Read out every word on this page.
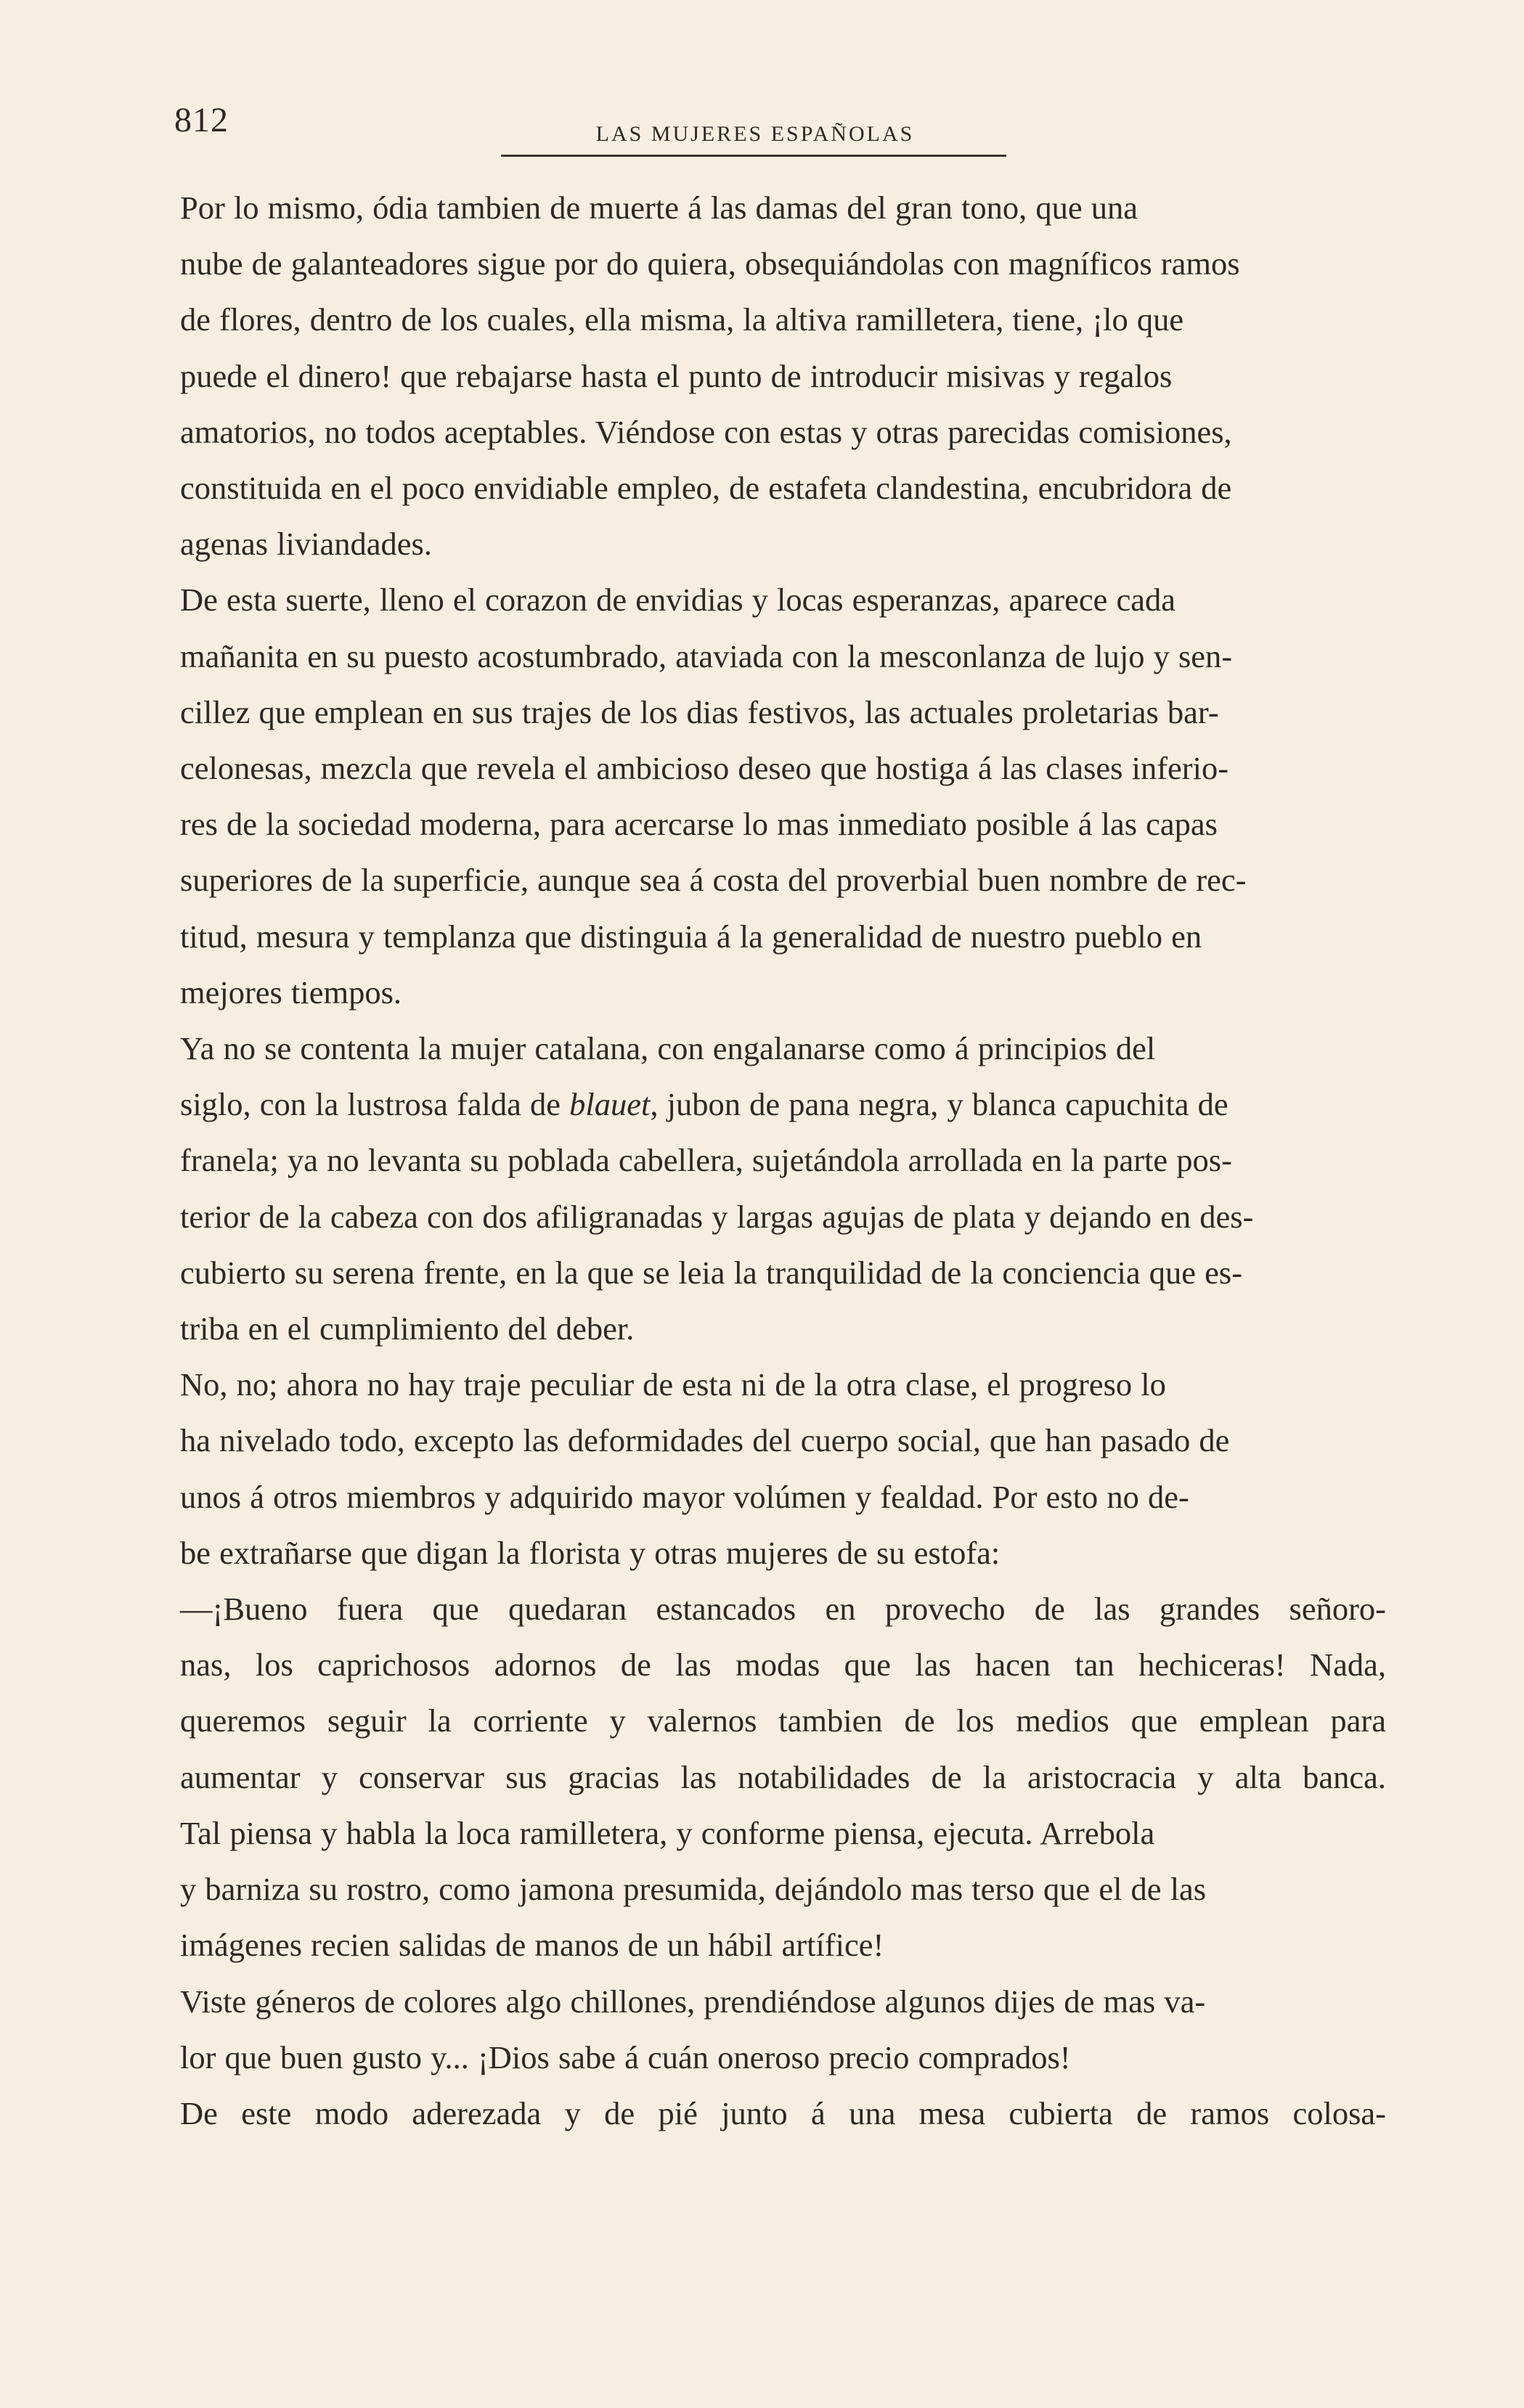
812	LAS MUJERES ESPAÑOLAS

Por lo mismo, ódia tambien de muerte á las damas del gran tono, que una
nube de galanteadores sigue por do quiera, obsequiándolas con magníficos ramos
de flores, dentro de los cuales, ella misma, la altiva ramilletera, tiene, ¡lo que
puede el dinero! que rebajarse hasta el punto de introducir misivas y regalos
amatorios, no todos aceptables. Viéndose con estas y otras parecidas comisiones,
constituida en el poco envidiable empleo, de estafeta clandestina, encubridora de
agenas liviandades.

De esta suerte, lleno el corazon de envidias y locas esperanzas, aparece cada
mañanita en su puesto acostumbrado, ataviada con la mesconlanza de lujo y sen-
cillez que emplean en sus trajes de los dias festivos, las actuales proletarias bar-
celonesas, mezcla que revela el ambicioso deseo que hostiga á las clases inferio-
res de la sociedad moderna, para acercarse lo mas inmediato posible á las capas
superiores de la superficie, aunque sea á costa del proverbial buen nombre de rec-
titud, mesura y templanza que distinguia á la generalidad de nuestro pueblo en
mejores tiempos.

Ya no se contenta la mujer catalana, con engalanarse como á principios del
siglo, con la lustrosa falda de blauet, jubon de pana negra, y blanca capuchita de
franela; ya no levanta su poblada cabellera, sujetándola arrollada en la parte pos-
terior de la cabeza con dos afiligranadas y largas agujas de plata y dejando en des-
cubierto su serena frente, en la que se leia la tranquilidad de la conciencia que es-
triba en el cumplimiento del deber.

No, no; ahora no hay traje peculiar de esta ni de la otra clase, el progreso lo
ha nivelado todo, excepto las deformidades del cuerpo social, que han pasado de
unos á otros miembros y adquirido mayor volúmen y fealdad. Por esto no de-
be extrañarse que digan la florista y otras mujeres de su estofa:

—¡Bueno fuera que quedaran estancados en provecho de las grandes señoro-
nas, los caprichosos adornos de las modas que las hacen tan hechiceras! Nada,
queremos seguir la corriente y valernos tambien de los medios que emplean para
aumentar y conservar sus gracias las notabilidades de la aristocracia y alta banca.

Tal piensa y habla la loca ramilletera, y conforme piensa, ejecuta. Arrebola
y barniza su rostro, como jamona presumida, dejándolo mas terso que el de las
imágenes recien salidas de manos de un hábil artífice!

Viste géneros de colores algo chillones, prendiéndose algunos dijes de mas va-
lor que buen gusto y... ¡Dios sabe á cuán oneroso precio comprados!

De este modo aderezada y de pié junto á una mesa cubierta de ramos colosa-
